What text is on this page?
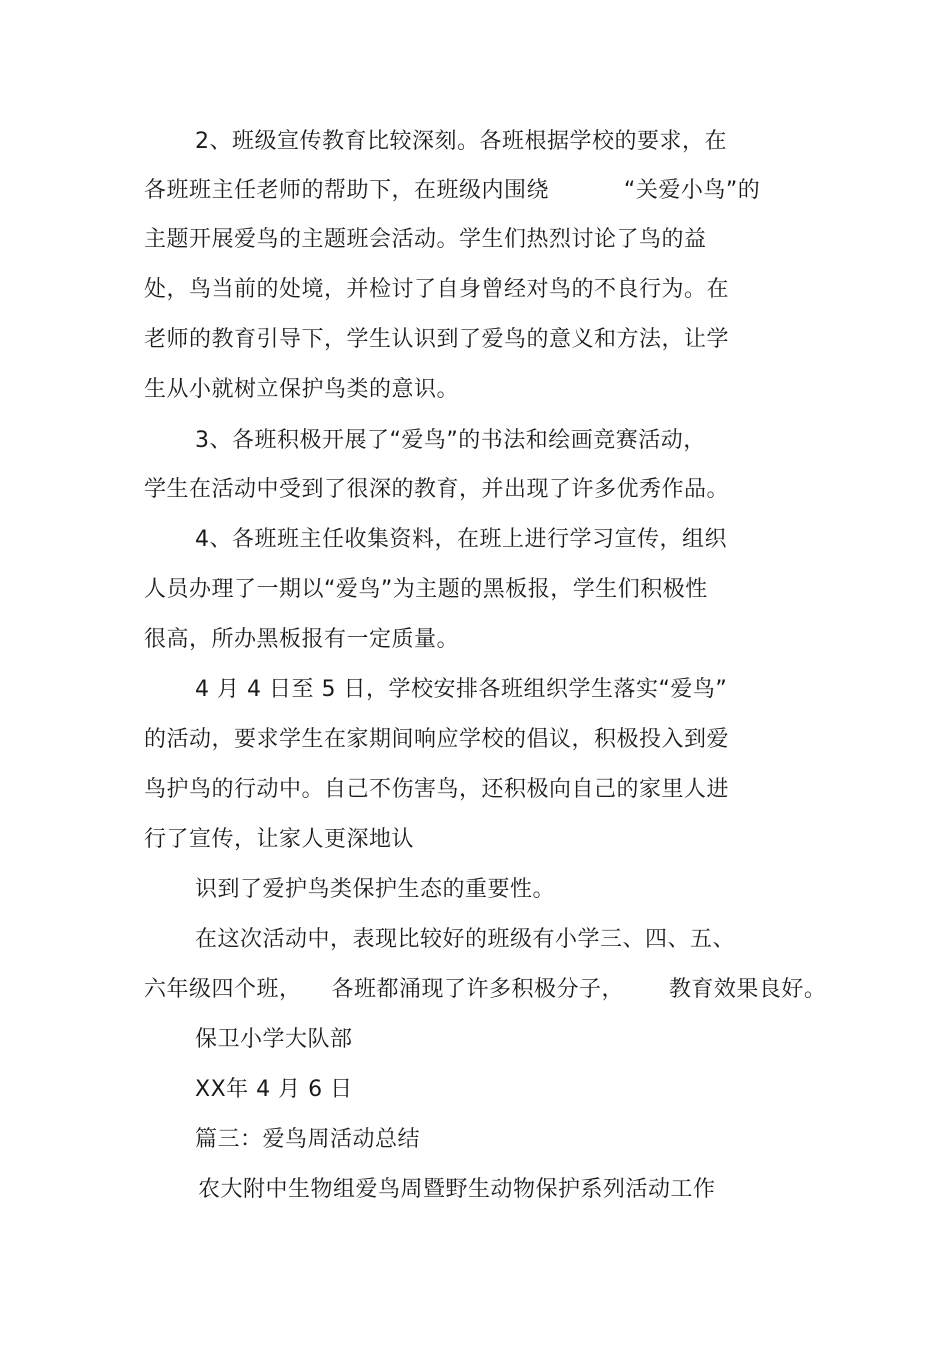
2、班级宣传教育比较深刻。各班根据学校的要求，在
各班班主任老师的帮助下，在班级内围绕          “关爱小鸟”的
主题开展爱鸟的主题班会活动。学生们热烈讨论了鸟的益
处，鸟当前的处境，并检讨了自身曾经对鸟的不良行为。在
老师的教育引导下，学生认识到了爱鸟的意义和方法，让学
生从小就树立保护鸟类的意识。
3、各班积极开展了“爱鸟”的书法和绘画竞赛活动，
学生在活动中受到了很深的教育，并出现了许多优秀作品。
4、各班班主任收集资料，在班上进行学习宣传，组织
人员办理了一期以“爱鸟”为主题的黑板报，学生们积极性
很高，所办黑板报有一定质量。
4 月 4 日至 5 日，学校安排各班组织学生落实“爱鸟”
的活动，要求学生在家期间响应学校的倡议，积极投入到爱
鸟护鸟的行动中。自己不伤害鸟，还积极向自己的家里人进
行了宣传，让家人更深地认
识到了爱护鸟类保护生态的重要性。
在这次活动中，表现比较好的班级有小学三、四、五、
六年级四个班，    各班都涌现了许多积极分子，      教育效果良好。
保卫小学大队部
XX年 4 月 6 日
篇三：爱鸟周活动总结
农大附中生物组爱鸟周暨野生动物保护系列活动工作
